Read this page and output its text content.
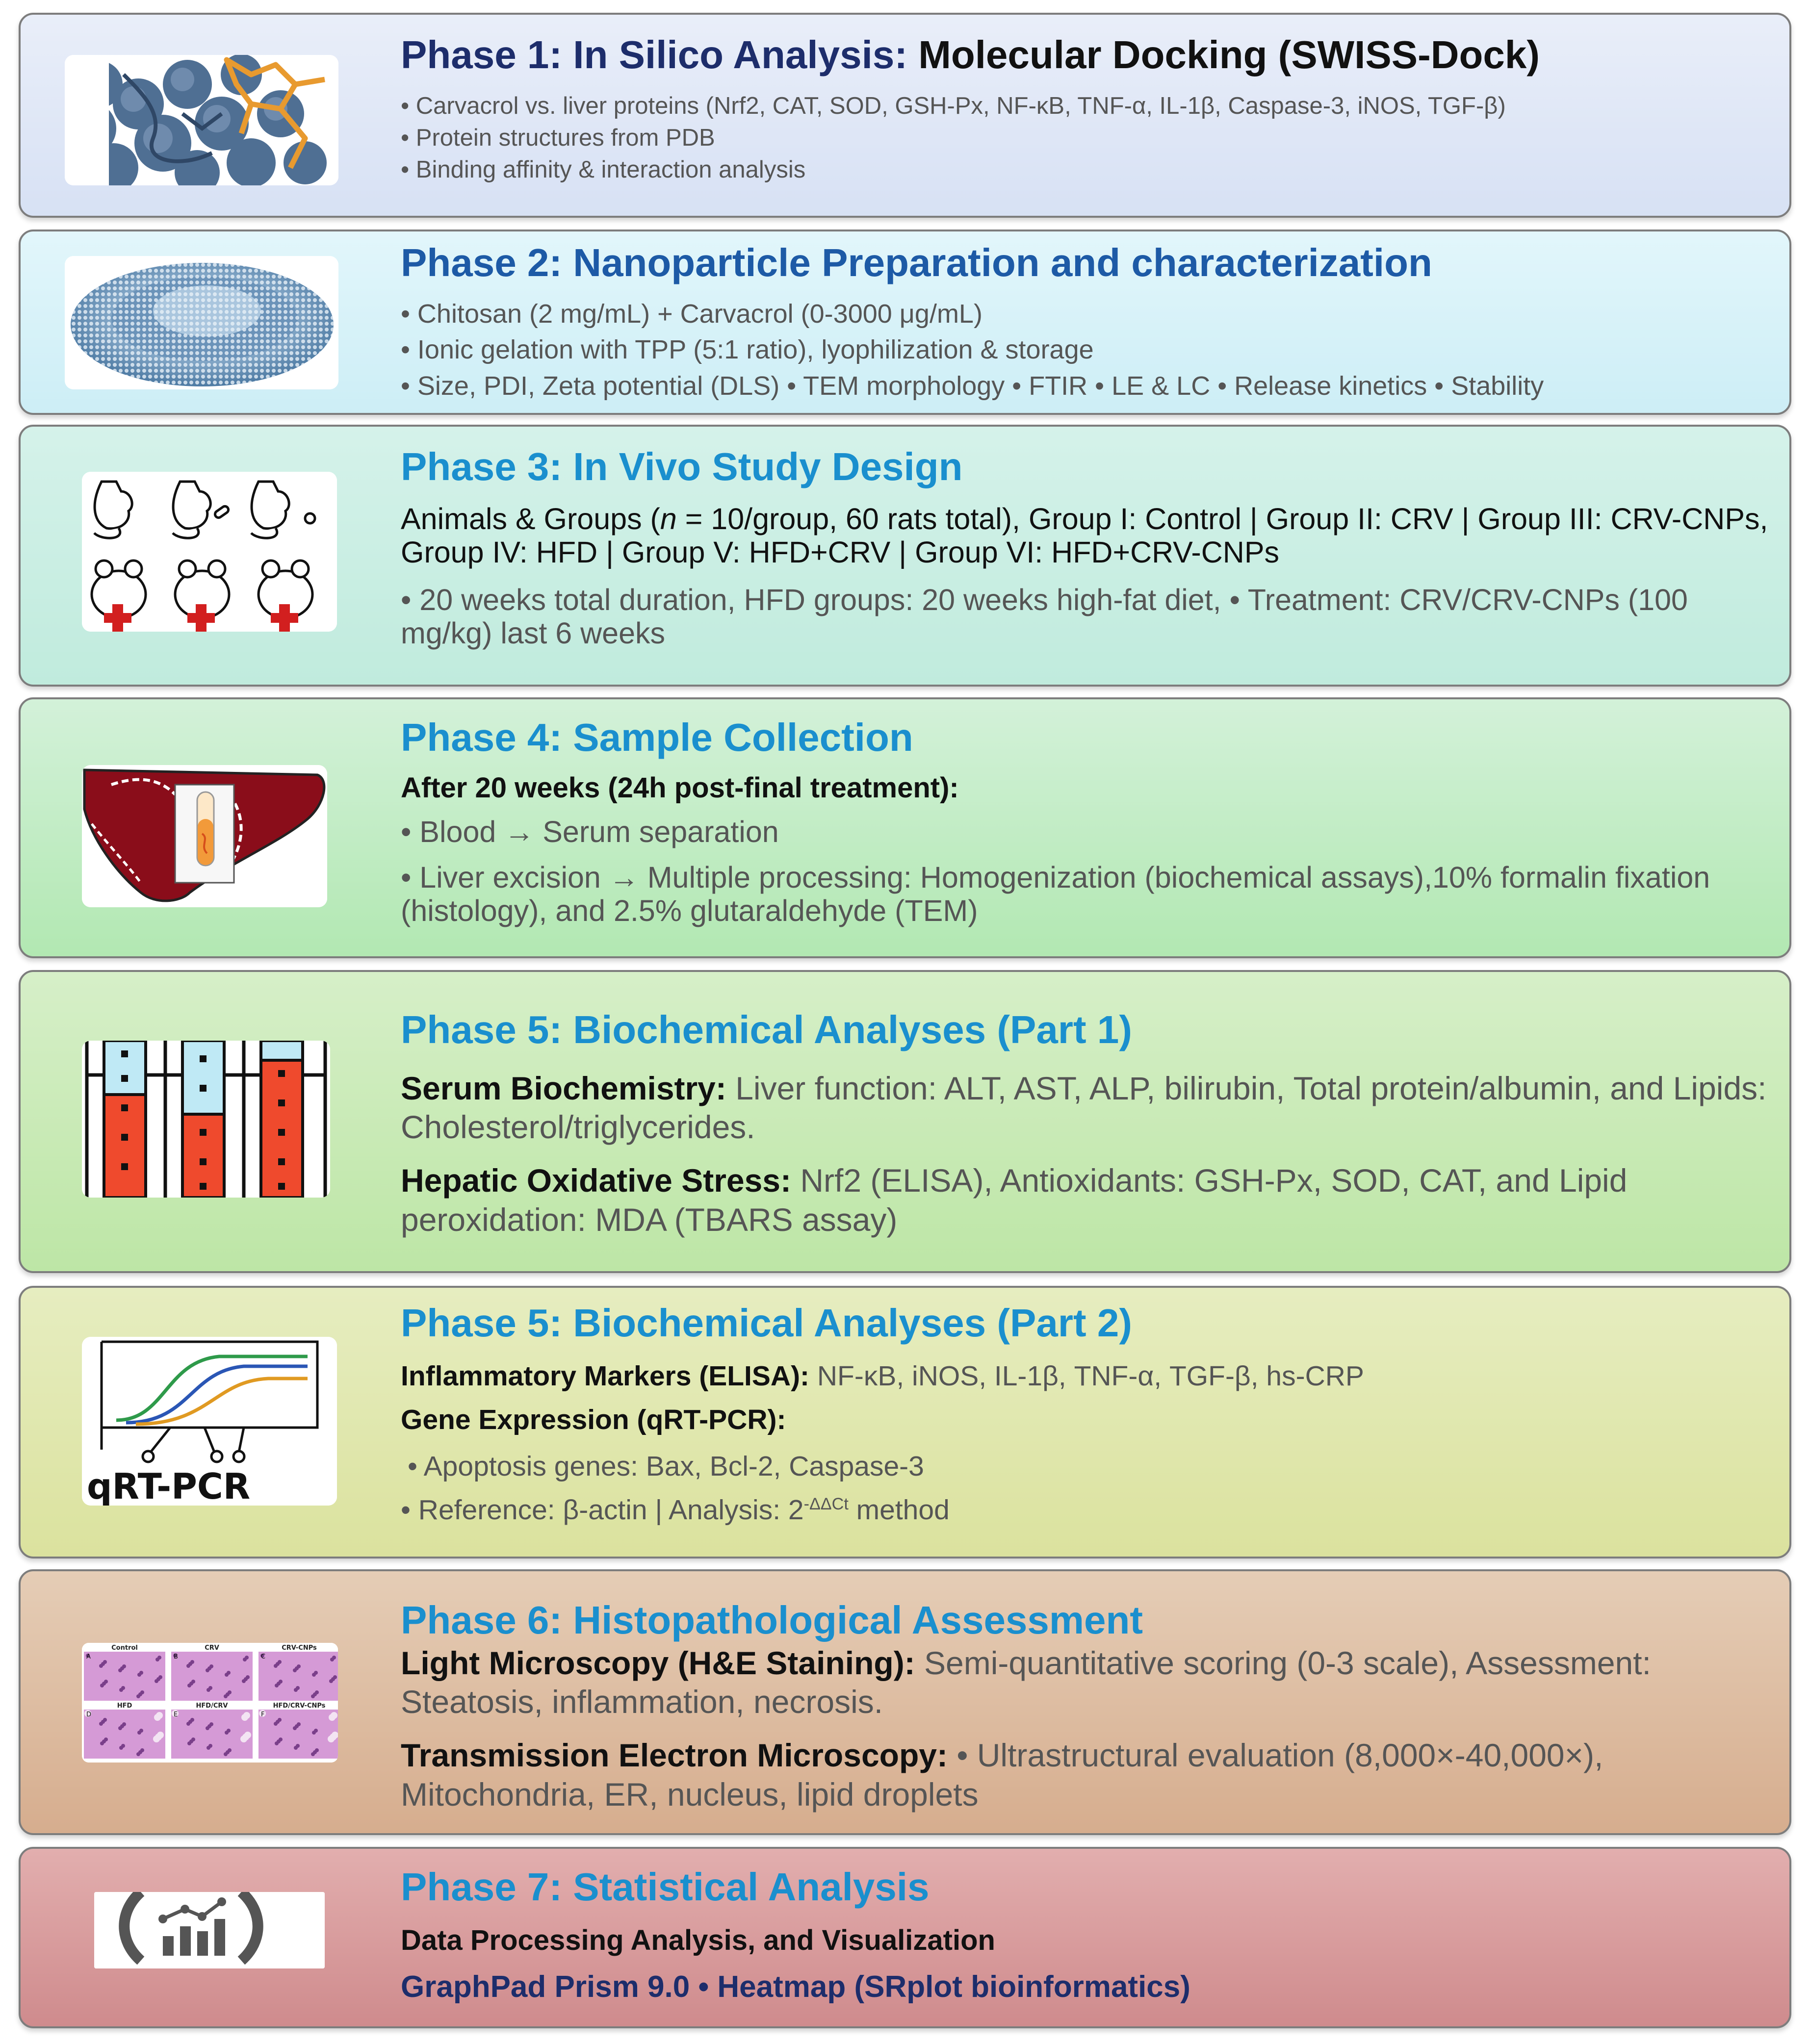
Phase 1: In Silico Analysis: Molecular Docking (SWISS-Dock)

• Carvacrol vs. liver proteins (Nrf2, CAT, SOD, GSH-Px, NF-κB, TNF-α, IL-1β, Caspase-3, iNOS, TGF-β)

• Protein structures from PDB

• Binding affinity & interaction analysis

Phase 2: Nanoparticle Preparation and characterization

• Chitosan (2 mg/mL) + Carvacrol (0-3000 μg/mL)

• Ionic gelation with TPP (5:1 ratio), lyophilization & storage

• Size, PDI, Zeta potential (DLS) • TEM morphology • FTIR • LE & LC • Release kinetics • Stability

Phase 3: In Vivo Study Design

Animals & Groups (n = 10/group, 60 rats total), Group I: Control | Group II: CRV | Group III: CRV-CNPs, Group IV: HFD | Group V: HFD+CRV | Group VI: HFD+CRV-CNPs

• 20 weeks total duration, HFD groups: 20 weeks high-fat diet, • Treatment: CRV/CRV-CNPs (100 mg/kg) last 6 weeks

Phase 4: Sample Collection

After 20 weeks (24h post-final treatment):

• Blood → Serum separation

• Liver excision → Multiple processing: Homogenization (biochemical assays),10% formalin fixation (histology), and 2.5% glutaraldehyde (TEM)

Phase 5: Biochemical Analyses (Part 1)

Serum Biochemistry: Liver function: ALT, AST, ALP, bilirubin, Total protein/albumin, and Lipids: Cholesterol/triglycerides.

Hepatic Oxidative Stress: Nrf2 (ELISA), Antioxidants: GSH-Px, SOD, CAT, and Lipid peroxidation: MDA (TBARS assay)

qRT-PCR

Phase 5: Biochemical Analyses (Part 2)

Inflammatory Markers (ELISA): NF-κB, iNOS, IL-1β, TNF-α, TGF-β, hs-CRP

Gene Expression (qRT-PCR):

• Apoptosis genes: Bax, Bcl-2, Caspase-3

• Reference: β-actin | Analysis: $2^{-\Delta\Delta Ct}$ method

Control
A
CRV
B
CRV-CNPs
C
HFD
D
HFD/CRV
E
HFD/CRV-CNPs
F

Phase 6: Histopathological Assessment

Light Microscopy (H&E Staining): Semi-quantitative scoring (0-3 scale), Assessment: Steatosis, inflammation, necrosis.

Transmission Electron Microscopy: • Ultrastructural evaluation (8,000×-40,000×), Mitochondria, ER, nucleus, lipid droplets

Phase 7: Statistical Analysis

Data Processing Analysis, and Visualization

GraphPad Prism 9.0 • Heatmap (SRplot bioinformatics)
